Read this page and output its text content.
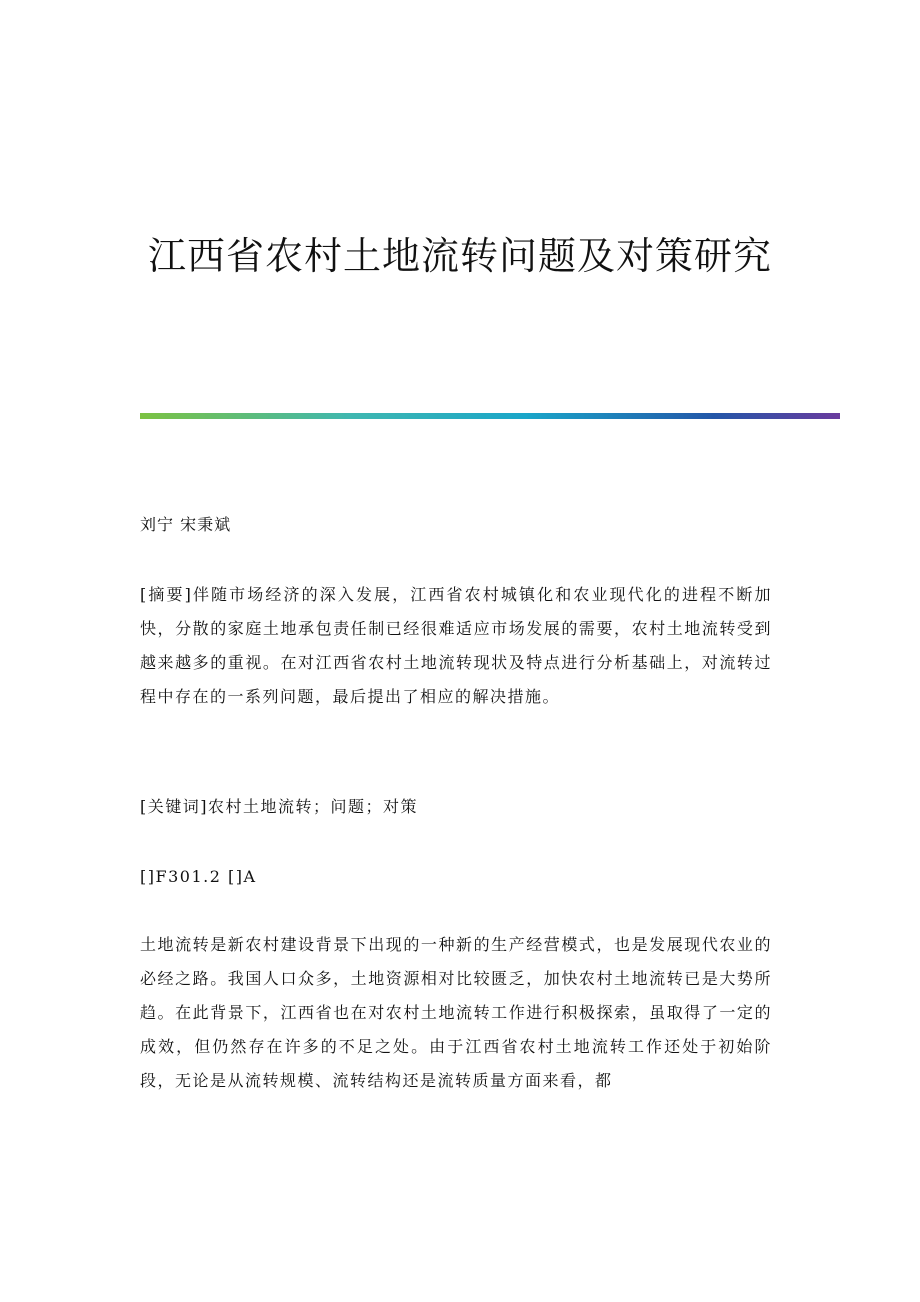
江西省农村土地流转问题及对策研究
刘宁 宋秉斌

[摘要]伴随市场经济的深入发展，江西省农村城镇化和农业现代化的进程不断加快，分散的家庭土地承包责任制已经很难适应市场发展的需要，农村土地流转受到越来越多的重视。在对江西省农村土地流转现状及特点进行分析基础上，对流转过程中存在的一系列问题，最后提出了相应的解决措施。

[关键词]农村土地流转；问题；对策

[]F301.2 []A

土地流转是新农村建设背景下出现的一种新的生产经营模式，也是发展现代农业的必经之路。我国人口众多，土地资源相对比较匮乏，加快农村土地流转已是大势所趋。在此背景下，江西省也在对农村土地流转工作进行积极探索，虽取得了一定的成效，但仍然存在许多的不足之处。由于江西省农村土地流转工作还处于初始阶段，无论是从流转规模、流转结构还是流转质量方面来看，都
